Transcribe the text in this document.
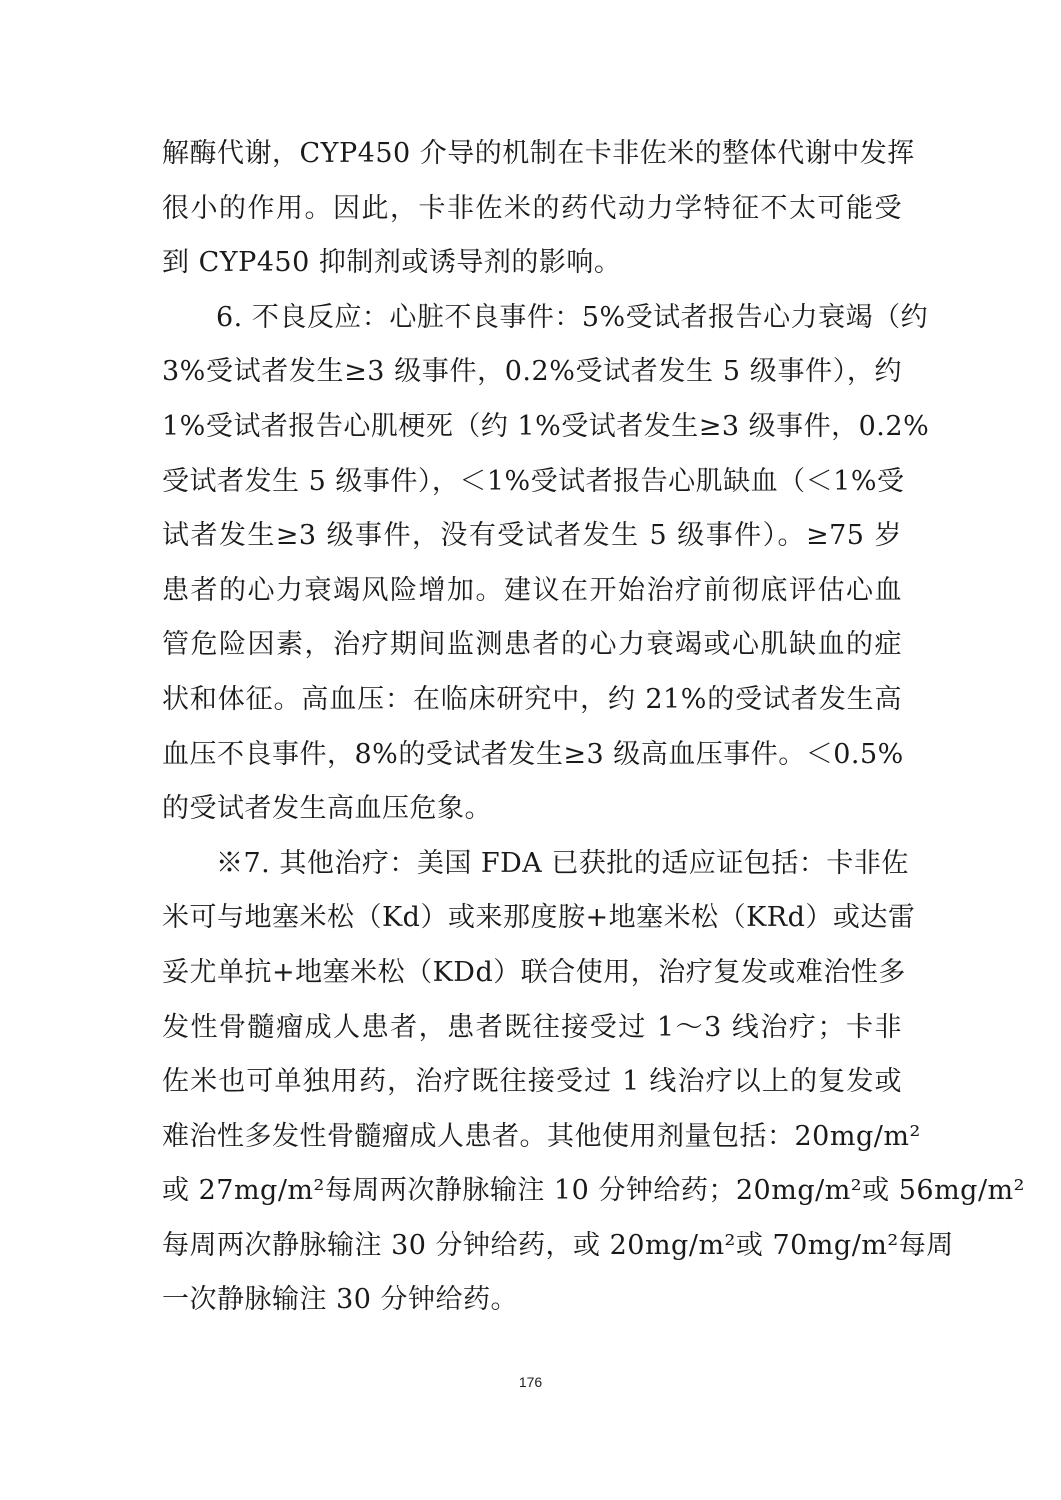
解酶代谢，CYP450 介导的机制在卡非佐米的整体代谢中发挥
很小的作用。因此，卡非佐米的药代动力学特征不太可能受
到 CYP450 抑制剂或诱导剂的影响。
6. 不良反应：心脏不良事件：5%受试者报告心力衰竭（约
3%受试者发生≥3 级事件，0.2%受试者发生 5 级事件），约
1%受试者报告心肌梗死（约 1%受试者发生≥3 级事件，0.2%
受试者发生 5 级事件），＜1%受试者报告心肌缺血（＜1%受
试者发生≥3 级事件，没有受试者发生 5 级事件）。≥75 岁
患者的心力衰竭风险增加。建议在开始治疗前彻底评估心血
管危险因素，治疗期间监测患者的心力衰竭或心肌缺血的症
状和体征。高血压：在临床研究中，约 21%的受试者发生高
血压不良事件，8%的受试者发生≥3 级高血压事件。＜0.5%
的受试者发生高血压危象。
※7. 其他治疗：美国 FDA 已获批的适应证包括：卡非佐
米可与地塞米松（Kd）或来那度胺+地塞米松（KRd）或达雷
妥尤单抗+地塞米松（KDd）联合使用，治疗复发或难治性多
发性骨髓瘤成人患者，患者既往接受过 1～3 线治疗；卡非
佐米也可单独用药，治疗既往接受过 1 线治疗以上的复发或
难治性多发性骨髓瘤成人患者。其他使用剂量包括：20mg/m²
或 27mg/m²每周两次静脉输注 10 分钟给药；20mg/m²或 56mg/m²
每周两次静脉输注 30 分钟给药，或 20mg/m²或 70mg/m²每周
一次静脉输注 30 分钟给药。
176
